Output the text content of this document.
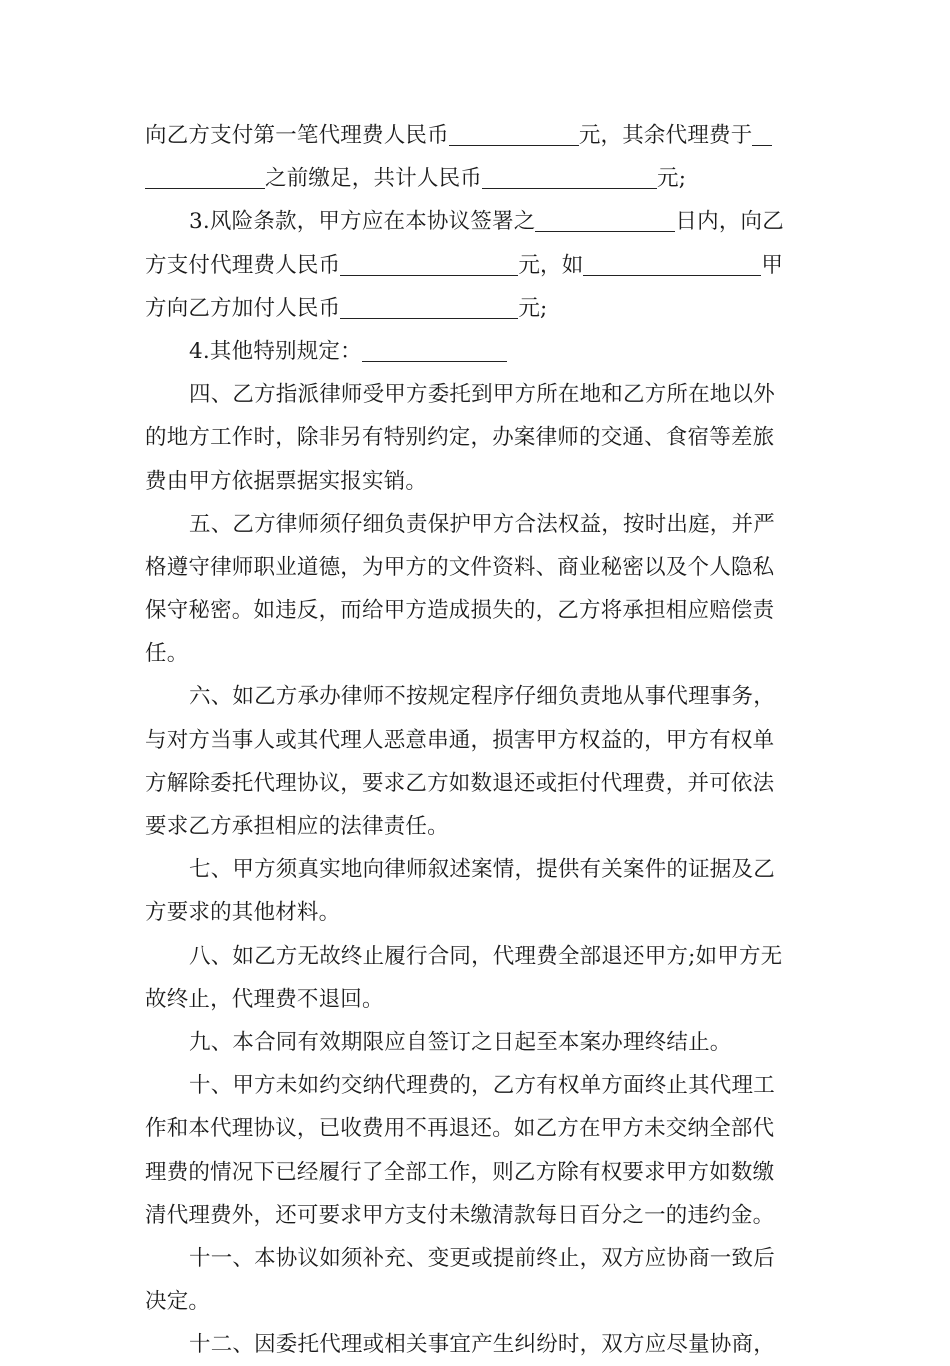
向乙方支付第一笔代理费人民币	元，其余代理费于
之前缴足，共计人民币	元;
3.风险条款，甲方应在本协议签署之	日内，向乙
方支付代理费人民币	元，如	甲
方向乙方加付人民币	元;
4.其他特别规定：
四、乙方指派律师受甲方委托到甲方所在地和乙方所在地以外
的地方工作时，除非另有特别约定，办案律师的交通、食宿等差旅
费由甲方依据票据实报实销。
五、乙方律师须仔细负责保护甲方合法权益，按时出庭，并严
格遵守律师职业道德，为甲方的文件资料、商业秘密以及个人隐私
保守秘密。如违反，而给甲方造成损失的，乙方将承担相应赔偿责
任。
六、如乙方承办律师不按规定程序仔细负责地从事代理事务，
与对方当事人或其代理人恶意串通，损害甲方权益的，甲方有权单
方解除委托代理协议，要求乙方如数退还或拒付代理费，并可依法
要求乙方承担相应的法律责任。
七、甲方须真实地向律师叙述案情，提供有关案件的证据及乙
方要求的其他材料。
八、如乙方无故终止履行合同，代理费全部退还甲方;如甲方无
故终止，代理费不退回。
九、本合同有效期限应自签订之日起至本案办理终结止。
十、甲方未如约交纳代理费的，乙方有权单方面终止其代理工
作和本代理协议，已收费用不再退还。如乙方在甲方未交纳全部代
理费的情况下已经履行了全部工作，则乙方除有权要求甲方如数缴
清代理费外，还可要求甲方支付未缴清款每日百分之一的违约金。
十一、本协议如须补充、变更或提前终止，双方应协商一致后
决定。
十二、因委托代理或相关事宜产生纠纷时，双方应尽量协商，
